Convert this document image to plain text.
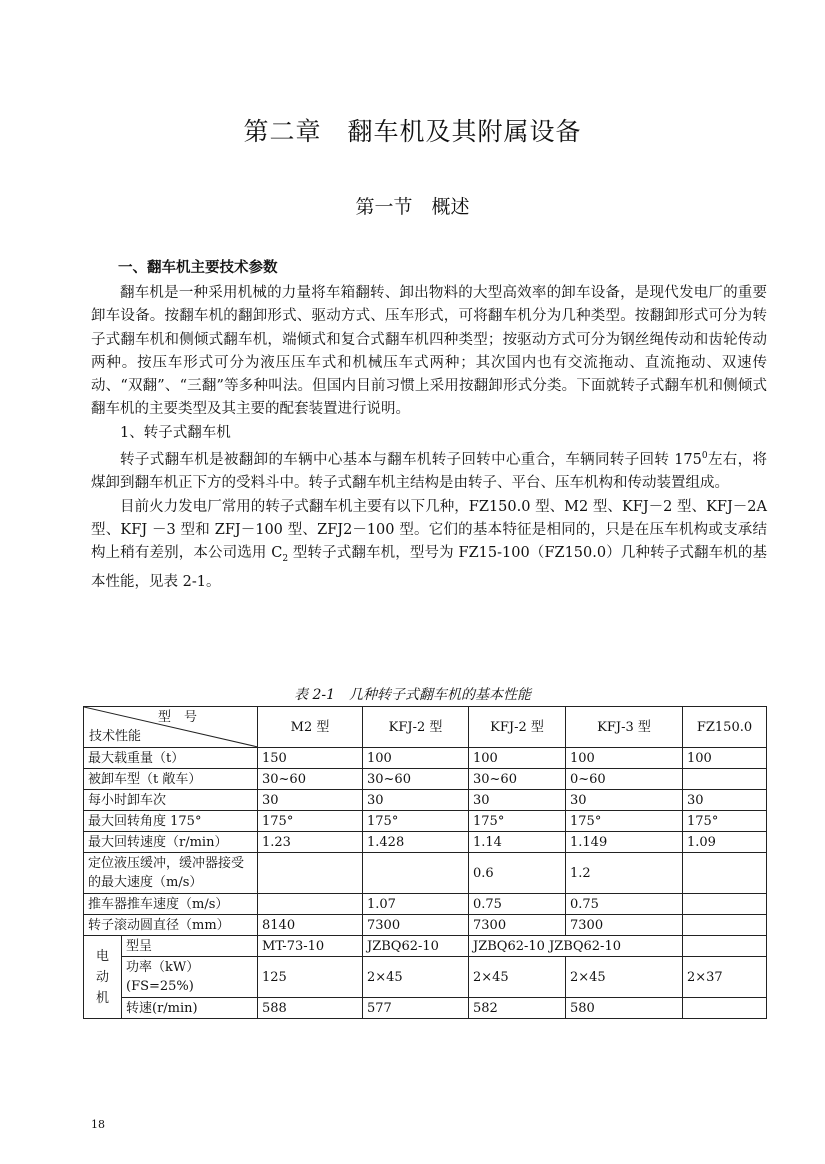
第二章　翻车机及其附属设备
第一节　概述
一、翻车机主要技术参数

翻车机是一种采用机械的力量将车箱翻转、卸出物料的大型高效率的卸车设备，是现代发电厂的重要卸车设备。按翻车机的翻卸形式、驱动方式、压车形式，可将翻车机分为几种类型。按翻卸形式可分为转子式翻车机和侧倾式翻车机，端倾式和复合式翻车机四种类型；按驱动方式可分为钢丝绳传动和齿轮传动两种。按压车形式可分为液压压车式和机械压车式两种；其次国内也有交流拖动、直流拖动、双速传动、“双翻”、“三翻”等多种叫法。但国内目前习惯上采用按翻卸形式分类。下面就转子式翻车机和侧倾式翻车机的主要类型及其主要的配套装置进行说明。

1、转子式翻车机

转子式翻车机是被翻卸的车辆中心基本与翻车机转子回转中心重合，车辆同转子回转 $175^0$左右，将煤卸到翻车机正下方的受料斗中。转子式翻车机主结构是由转子、平台、压车机构和传动装置组成。

目前火力发电厂常用的转子式翻车机主要有以下几种，FZ150.0 型、M2 型、KFJ－2 型、KFJ－2A 型、KFJ －3 型和 ZFJ－100 型、ZFJ2－100 型。它们的基本特征是相同的，只是在压车机构或支承结构上稍有差别，本公司选用 $C_2$ 型转子式翻车机，型号为 FZ15-100（FZ150.0）几种转子式翻车机的基本性能，见表 2-1。

表 2-1　几种转子式翻车机的基本性能
型　号
技术性能		M2 型	KFJ-2 型	KFJ-2 型	KFJ-3 型	FZ150.0
最大载重量（t）		150	100	100	100	100
被卸车型（t 敞车）		30~60	30~60	30~60	0~60	
每小时卸车次		30	30	30	30	30
最大回转角度 175°		175°	175°	175°	175°	175°
最大回转速度（r/min）		1.23	1.428	1.14	1.149	1.09
定位液压缓冲，缓冲器接受的最大速度（m/s）				0.6	1.2	
推车器推车速度（m/s）			1.07	0.75	0.75	
转子滚动圆直径（mm）		8140	7300	7300	7300	
电动机	型呈	MT-73-10	JZBQ62-10	JZBQ62-10 JZBQ62-10		
	功率（kW）(FS=25%)	125	2×45	2×45	2×45	2×37
	转速(r/min)	588	577	582	580	
18
